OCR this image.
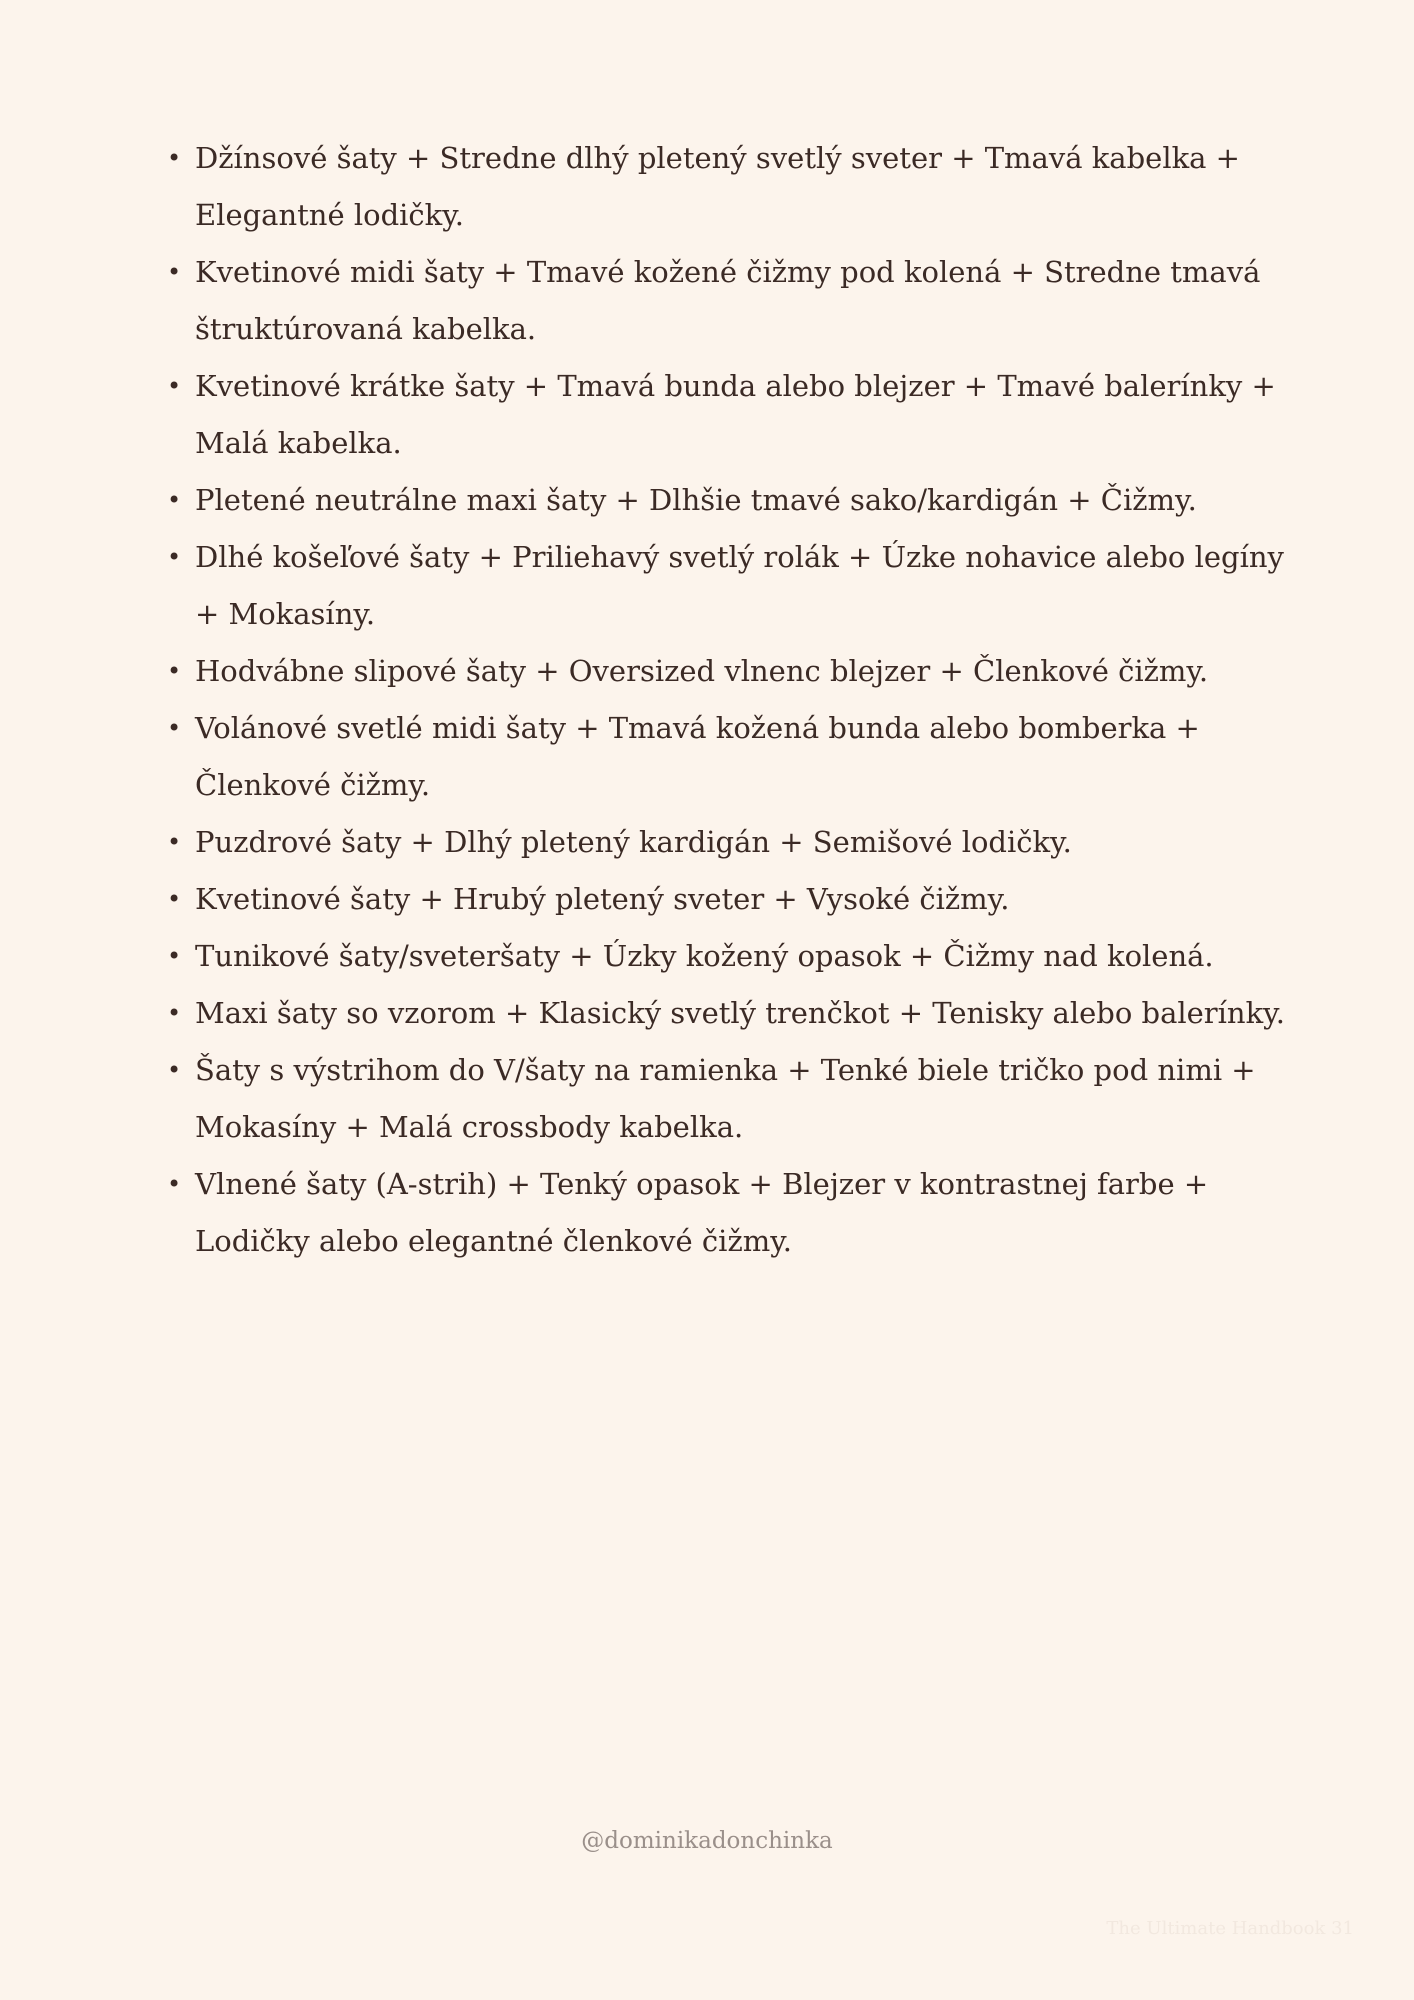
• Džínsové šaty + Stredne dlhý pletený svetlý sveter + Tmavá kabelka + Elegantné lodičky.
• Kvetinové midi šaty + Tmavé kožené čižmy pod kolená + Stredne tmavá štruktúrovaná kabelka.
• Kvetinové krátke šaty + Tmavá bunda alebo blejzer + Tmavé balerínky + Malá kabelka.
• Pletené neutrálne maxi šaty + Dlhšie tmavé sako/kardigán + Čižmy.
• Dlhé košeľové šaty + Priliehavý svetlý rolák + Úzke nohavice alebo legíny + Mokasíny.
• Hodvábne slipové šaty + Oversized vlnenc blejzer + Členkové čižmy.
• Volánové svetlé midi šaty + Tmavá kožená bunda alebo bomberka + Členkové čižmy.
• Puzdrové šaty + Dlhý pletený kardigán + Semišové lodičky.
• Kvetinové šaty + Hrubý pletený sveter + Vysoké čižmy.
• Tunikové šaty/sveteršaty + Úzky kožený opasok + Čižmy nad kolená.
• Maxi šaty so vzorom + Klasický svetlý trenčkot + Tenisky alebo balerínky.
• Šaty s výstrihom do V/šaty na ramienka + Tenké biele tričko pod nimi + Mokasíny + Malá crossbody kabelka.
• Vlnené šaty (A-strih) + Tenký opasok + Blejzer v kontrastnej farbe + Lodičky alebo elegantné členkové čižmy.
@dominikadonchinka
The Ultimate Handbook 31
